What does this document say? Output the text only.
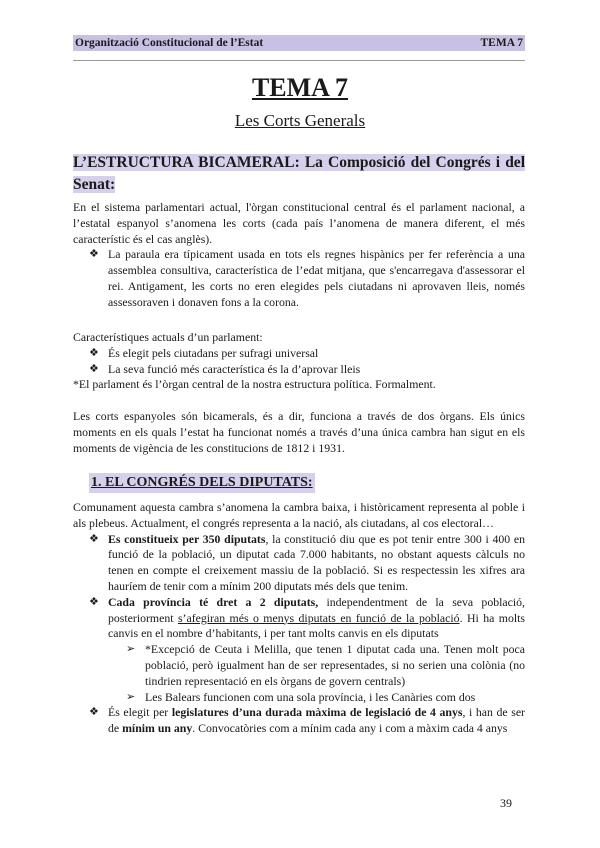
Organització Constitucional de l’Estat	TEMA 7
TEMA 7
Les Corts Generals
L’ESTRUCTURA BICAMERAL: La Composició del Congrés i del Senat:

En el sistema parlamentari actual, l'òrgan constitucional central és el parlament nacional, a l’estatal espanyol s’anomena les corts (cada país l’anomena de manera diferent, el més característic és el cas anglès).

❖ La paraula era típicament usada en tots els regnes hispànics per fer referència a una assemblea consultiva, característica de l’edat mitjana, que s'encarregava d'assessorar el rei. Antigament, les corts no eren elegides pels ciutadans ni aprovaven lleis, només assessoraven i donaven fons a la corona.

Característiques actuals d’un parlament:

❖ És elegit pels ciutadans per sufragi universal
❖ La seva funció més característica és la d’aprovar lleis

*El parlament és l’òrgan central de la nostra estructura política. Formalment.

Les corts espanyoles són bicamerals, és a dir, funciona a través de dos òrgans. Els únics moments en els quals l’estat ha funcionat només a través d’una única cambra han sigut en els moments de vigència de les constitucions de 1812 i 1931.
1. EL CONGRÉS DELS DIPUTATS:

Comunament aquesta cambra s’anomena la cambra baixa, i històricament representa al poble i als plebeus. Actualment, el congrés representa a la nació, als ciutadans, al cos electoral…

❖ Es constitueix per 350 diputats, la constitució diu que es pot tenir entre 300 i 400 en funció de la població, un diputat cada 7.000 habitants, no obstant aquests càlculs no tenen en compte el creixement massiu de la població. Si es respectessin les xifres ara hauríem de tenir com a mínim 200 diputats més dels que tenim.
❖ Cada província té dret a 2 diputats, independentment de la seva població, posteriorment s’afegiran més o menys diputats en funció de la població. Hi ha molts canvis en el nombre d’habitants, i per tant molts canvis en els diputats
➢ *Excepció de Ceuta i Melilla, que tenen 1 diputat cada una. Tenen molt poca població, però igualment han de ser representades, si no serien una colònia (no tindrien representació en els òrgans de govern centrals)
➢ Les Balears funcionen com una sola província, i les Canàries com dos
❖ És elegit per legislatures d’una durada màxima de legislació de 4 anys, i han de ser de mínim un any. Convocatòries com a mínim cada any i com a màxim cada 4 anys
39
